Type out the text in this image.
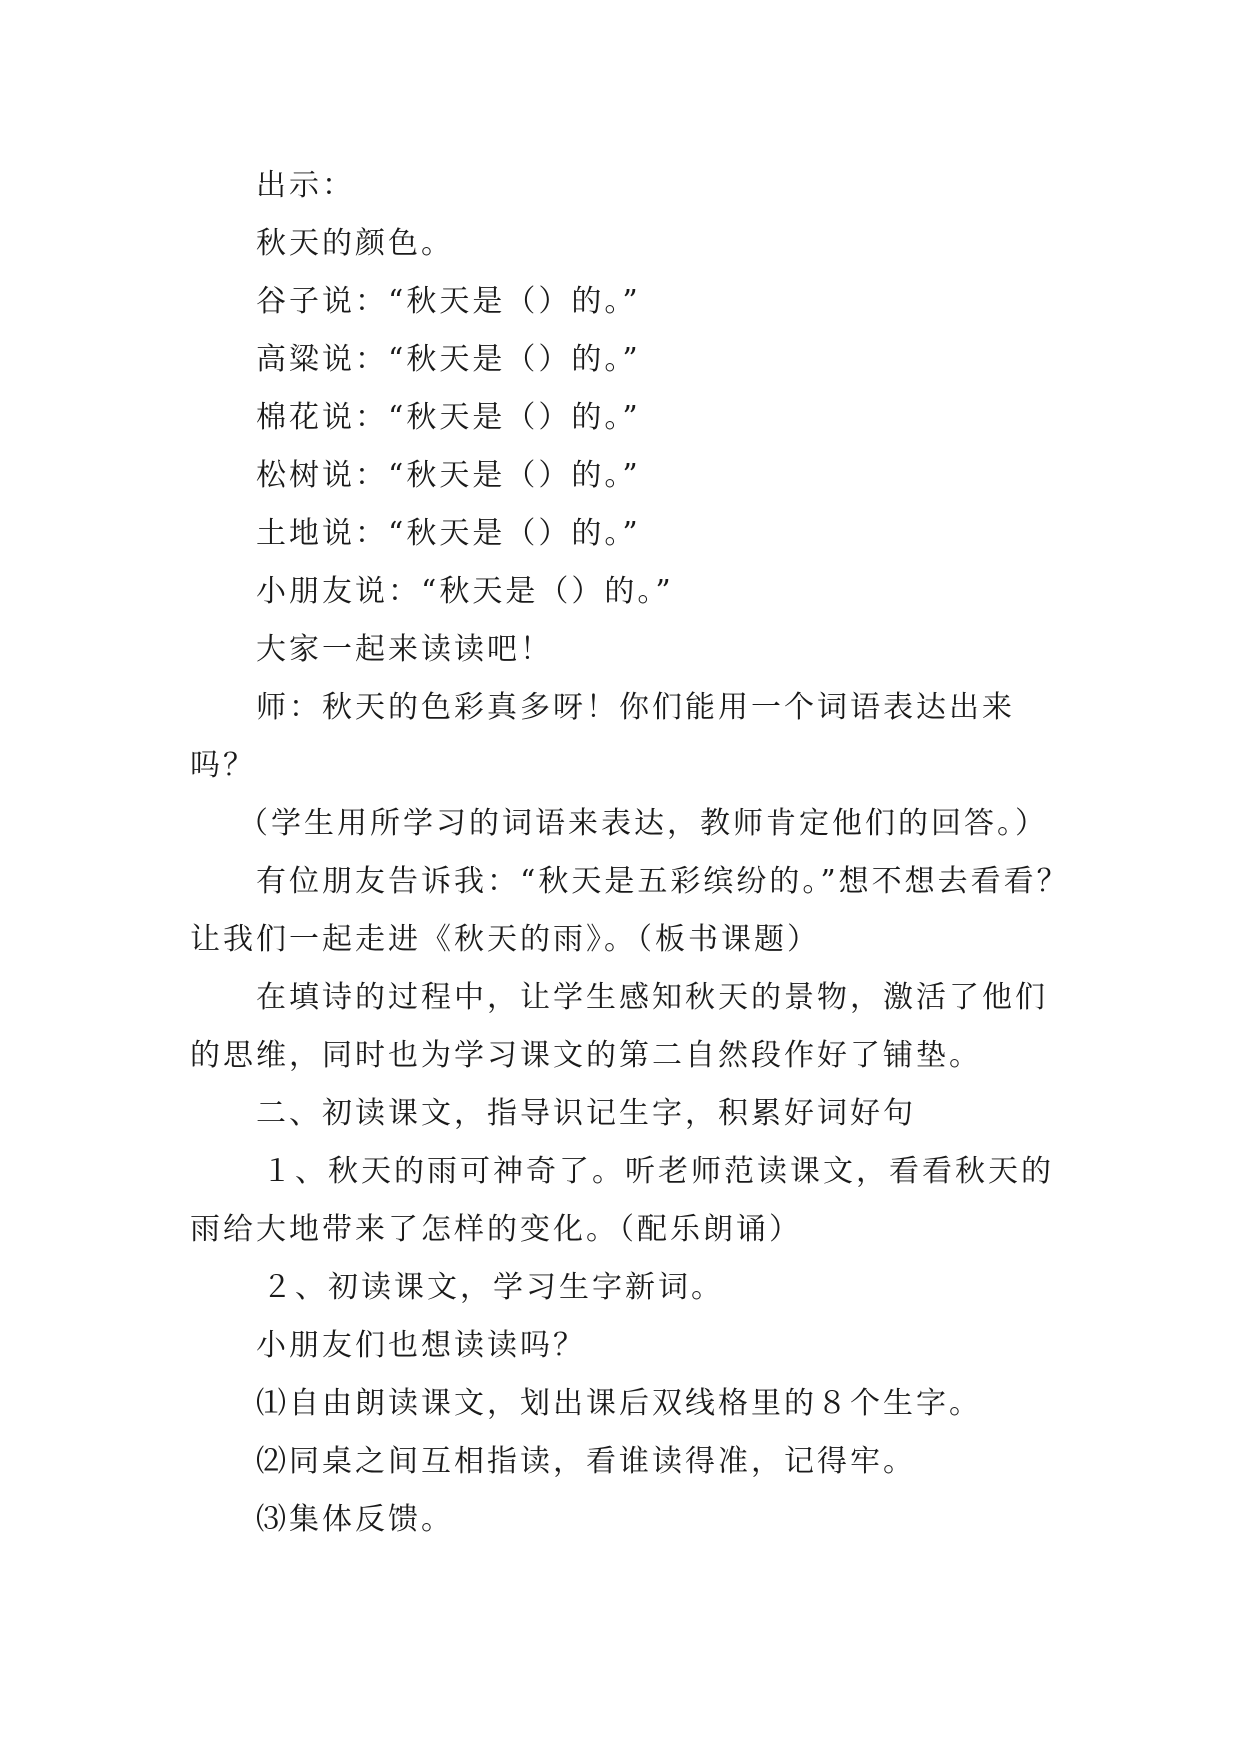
出示：
秋天的颜色。
谷子说：“秋天是（）的。”
高粱说：“秋天是（）的。”
棉花说：“秋天是（）的。”
松树说：“秋天是（）的。”
土地说：“秋天是（）的。”
小朋友说：“秋天是（）的。”
大家一起来读读吧！
师：秋天的色彩真多呀！你们能用一个词语表达出来
吗？
（学生用所学习的词语来表达，教师肯定他们的回答。）
有位朋友告诉我：“秋天是五彩缤纷的。”想不想去看看？
让我们一起走进《秋天的雨》。（板书课题）
在填诗的过程中，让学生感知秋天的景物，激活了他们
的思维，同时也为学习课文的第二自然段作好了铺垫。
二、初读课文，指导识记生字，积累好词好句
１、秋天的雨可神奇了。听老师范读课文，看看秋天的
雨给大地带来了怎样的变化。（配乐朗诵）
２、初读课文，学习生字新词。
小朋友们也想读读吗？
⑴自由朗读课文，划出课后双线格里的８个生字。
⑵同桌之间互相指读，看谁读得准，记得牢。
⑶集体反馈。
